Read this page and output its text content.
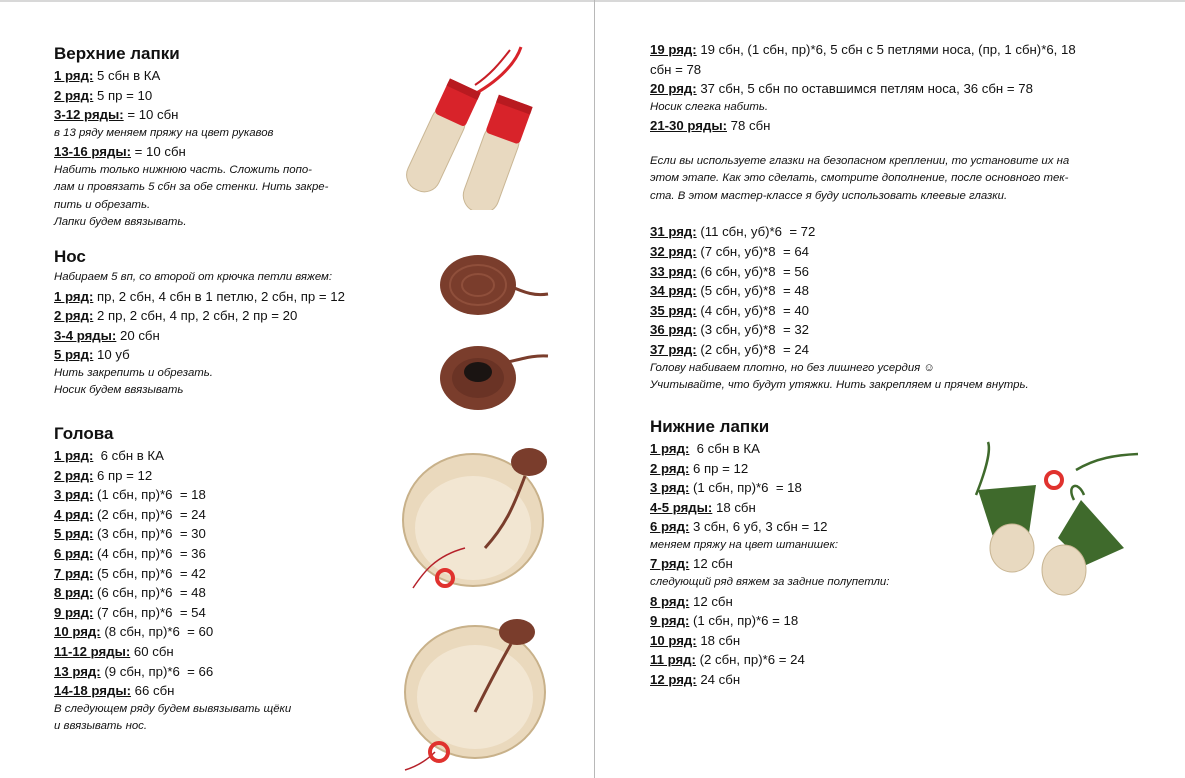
Верхние лапки
1 ряд: 5 сбн в КА
2 ряд: 5 пр = 10
3-12 ряды: = 10 сбн
в 13 ряду меняем пряжу на цвет рукавов
13-16 ряды: = 10 сбн
Набить только нижнюю часть. Сложить попо-
лам и провязать 5 сбн за обе стенки. Нить закре-
пить и обрезать.
Лапки будем ввязывать.
Нос
Набираем 5 вп, со второй от крючка петли вяжем:
1 ряд: пр, 2 сбн, 4 сбн в 1 петлю, 2 сбн, пр = 12
2 ряд: 2 пр, 2 сбн, 4 пр, 2 сбн, 2 пр = 20
3-4 ряды: 20 сбн
5 ряд: 10 уб
Нить закрепить и обрезать.
Носик будем ввязывать
Голова
1 ряд:  6 сбн в КА
2 ряд: 6 пр = 12
3 ряд: (1 сбн, пр)*6  = 18
4 ряд: (2 сбн, пр)*6  = 24
5 ряд: (3 сбн, пр)*6  = 30
6 ряд: (4 сбн, пр)*6  = 36
7 ряд: (5 сбн, пр)*6  = 42
8 ряд: (6 сбн, пр)*6  = 48
9 ряд: (7 сбн, пр)*6  = 54
10 ряд: (8 сбн, пр)*6  = 60
11-12 ряды: 60 сбн
13 ряд: (9 сбн, пр)*6  = 66
14-18 ряды: 66 сбн
В следующем ряду будем вывязывать щёки
и ввязывать нос.
19 ряд: 19 сбн, (1 сбн, пр)*6, 5 сбн с 5 петлями носа, (пр, 1 сбн)*6, 18
сбн = 78
20 ряд: 37 сбн, 5 сбн по оставшимся петлям носа, 36 сбн = 78
Носик слегка набить.
21-30 ряды: 78 сбн
Если вы используете глазки на безопасном креплении, то установите их на
этом этапе. Как это сделать, смотрите дополнение, после основного тек-
ста. В этом мастер-классе я буду использовать клеевые глазки.
31 ряд: (11 сбн, уб)*6  = 72
32 ряд: (7 сбн, уб)*8  = 64
33 ряд: (6 сбн, уб)*8  = 56
34 ряд: (5 сбн, уб)*8  = 48
35 ряд: (4 сбн, уб)*8  = 40
36 ряд: (3 сбн, уб)*8  = 32
37 ряд: (2 сбн, уб)*8  = 24
Голову набиваем плотно, но без лишнего усердия ☺
Учитывайте, что будут утяжки. Нить закрепляем и прячем внутрь.
Нижние лапки
1 ряд:  6 сбн в КА
2 ряд: 6 пр = 12
3 ряд: (1 сбн, пр)*6  = 18
4-5 ряды: 18 сбн
6 ряд: 3 сбн, 6 уб, 3 сбн = 12
меняем пряжу на цвет штанишек:
7 ряд: 12 сбн
следующий ряд вяжем за задние полупетли:
8 ряд: 12 сбн
9 ряд: (1 сбн, пр)*6 = 18
10 ряд: 18 сбн
11 ряд: (2 сбн, пр)*6 = 24
12 ряд: 24 сбн
